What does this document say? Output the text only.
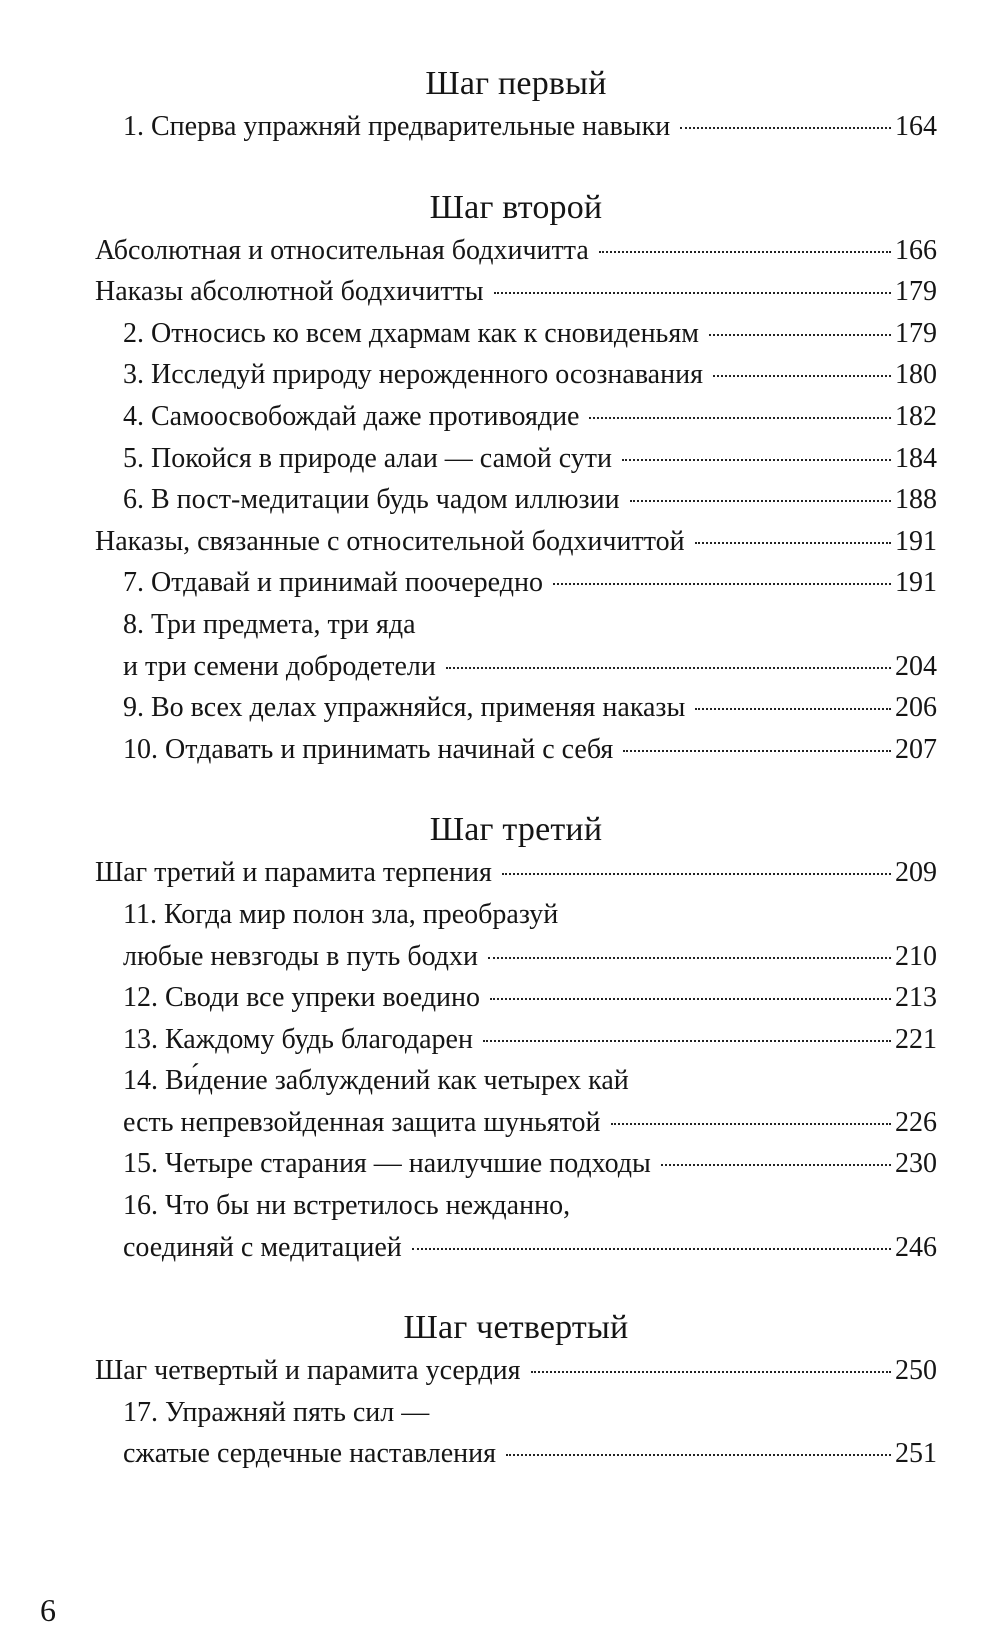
Шаг первый
1. Сперва упражняй предварительные навыки	164
Шаг второй
Абсолютная и относительная бодхичитта	166
Наказы абсолютной бодхичитты	179
2. Относись ко всем дхармам как к сновиденьям	179
3. Исследуй природу нерожденного осознавания	180
4. Самоосвобождай даже противоядие	182
5. Покойся в природе алаи — самой сути	184
6. В пост-медитации будь чадом иллюзии	188
Наказы, связанные с относительной бодхичиттой	191
7. Отдавай и принимай поочередно	191
8. Три предмета, три яда
и три семени добродетели	204
9. Во всех делах упражняйся, применяя наказы	206
10. Отдавать и принимать начинай с себя	207
Шаг третий
Шаг третий и парамита терпения	209
11. Когда мир полон зла, преобразуй
любые невзгоды в путь бодхи	210
12. Своди все упреки воедино	213
13. Каждому будь благодарен	221
14. Ви́дение заблуждений как четырех кай
есть непревзойденная защита шуньятой	226
15. Четыре старания — наилучшие подходы	230
16. Что бы ни встретилось нежданно,
соединяй с медитацией	246
Шаг четвертый
Шаг четвертый и парамита усердия	250
17. Упражняй пять сил —
сжатые сердечные наставления	251
6
